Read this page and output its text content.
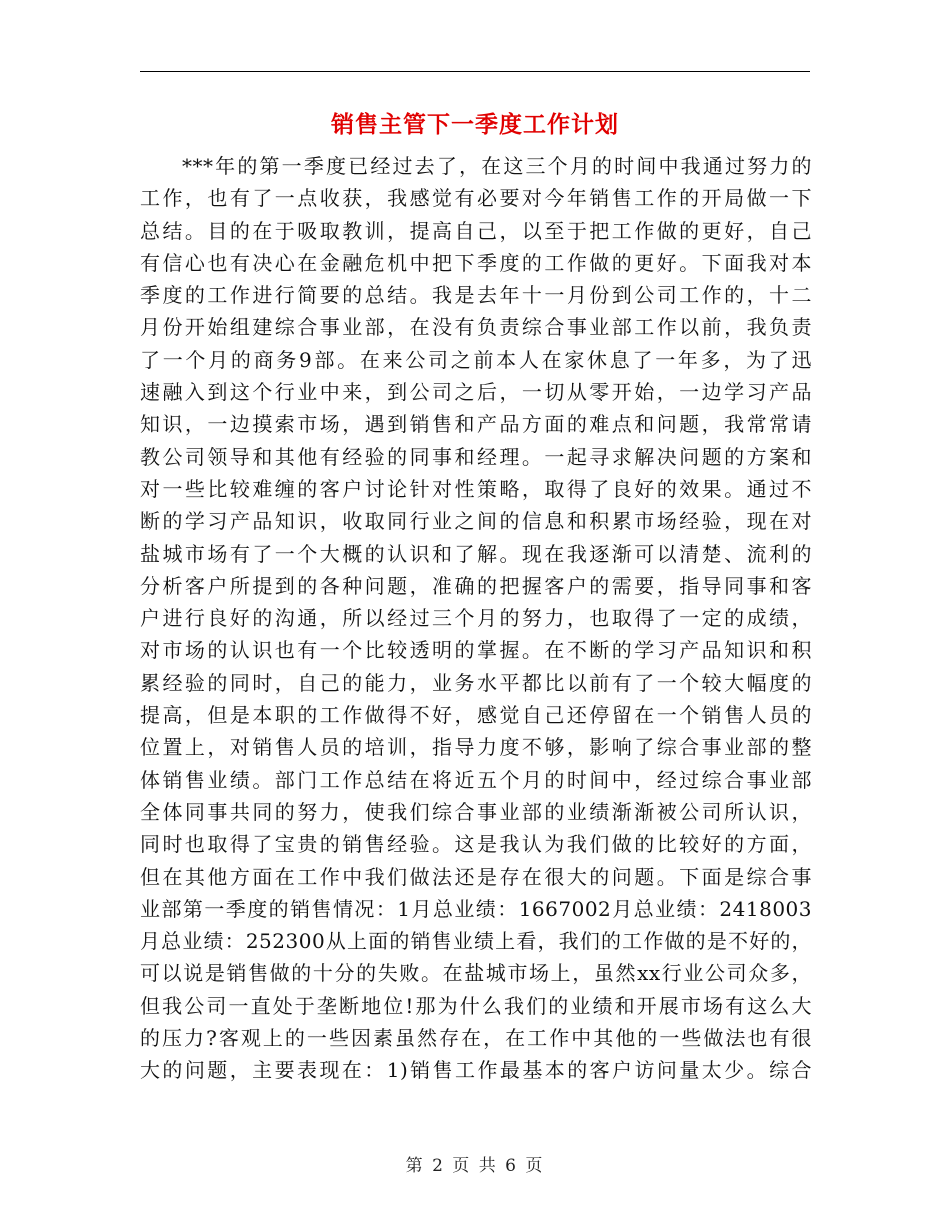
销售主管下一季度工作计划
***年的第一季度已经过去了，在这三个月的时间中我通过努力的
工作，也有了一点收获，我感觉有必要对今年销售工作的开局做一下
总结。目的在于吸取教训，提高自己，以至于把工作做的更好，自己
有信心也有决心在金融危机中把下季度的工作做的更好。下面我对本
季度的工作进行简要的总结。我是去年十一月份到公司工作的，十二
月份开始组建综合事业部，在没有负责综合事业部工作以前，我负责
了一个月的商务9部。在来公司之前本人在家休息了一年多，为了迅
速融入到这个行业中来，到公司之后，一切从零开始，一边学习产品
知识，一边摸索市场，遇到销售和产品方面的难点和问题，我常常请
教公司领导和其他有经验的同事和经理。一起寻求解决问题的方案和
对一些比较难缠的客户讨论针对性策略，取得了良好的效果。通过不
断的学习产品知识，收取同行业之间的信息和积累市场经验，现在对
盐城市场有了一个大概的认识和了解。现在我逐渐可以清楚、流利的
分析客户所提到的各种问题，准确的把握客户的需要，指导同事和客
户进行良好的沟通，所以经过三个月的努力，也取得了一定的成绩，
对市场的认识也有一个比较透明的掌握。在不断的学习产品知识和积
累经验的同时，自己的能力，业务水平都比以前有了一个较大幅度的
提高，但是本职的工作做得不好，感觉自己还停留在一个销售人员的
位置上，对销售人员的培训，指导力度不够，影响了综合事业部的整
体销售业绩。部门工作总结在将近五个月的时间中，经过综合事业部
全体同事共同的努力，使我们综合事业部的业绩渐渐被公司所认识，
同时也取得了宝贵的销售经验。这是我认为我们做的比较好的方面，
但在其他方面在工作中我们做法还是存在很大的问题。下面是综合事
业部第一季度的销售情况：1月总业绩：1667002月总业绩：2418003
月总业绩：252300从上面的销售业绩上看，我们的工作做的是不好的，
可以说是销售做的十分的失败。在盐城市场上，虽然xx行业公司众多，
但我公司一直处于垄断地位!那为什么我们的业绩和开展市场有这么大
的压力?客观上的一些因素虽然存在，在工作中其他的一些做法也有很
大的问题，主要表现在：1)销售工作最基本的客户访问量太少。综合
第 2 页 共 6 页
